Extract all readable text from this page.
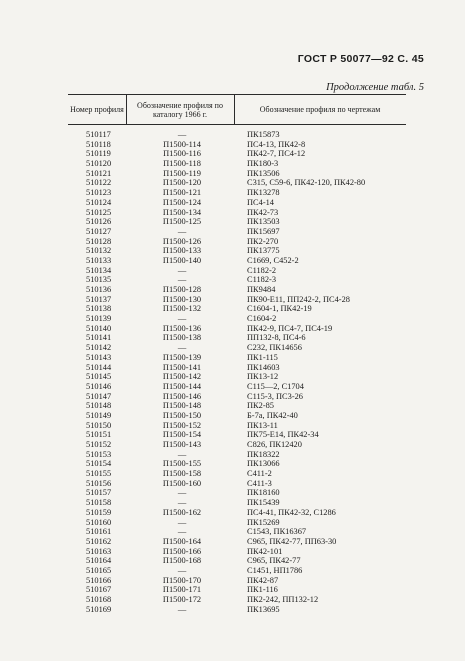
ГОСТ Р 50077—92 С. 45
Продолжение табл. 5
Номер профиля	Обозначение профиля по каталогу 1966 г.	Обозначение профиля по чертежам
510117	—	ПК15873
510118	П1500-114	ПС4-13, ПК42-8
510119	П1500-116	ПК42-7, ПС4-12
510120	П1500-118	ПК180-3
510121	П1500-119	ПК13506
510122	П1500-120	С315, С59-6, ПК42-120, ПК42-80
510123	П1500-121	ПК13278
510124	П1500-124	ПС4-14
510125	П1500-134	ПК42-73
510126	П1500-125	ПК13503
510127	—	ПК15697
510128	П1500-126	ПК2-270
510132	П1500-133	ПК13775
510133	П1500-140	С1669, С452-2
510134	—	С1182-2
510135	—	С1182-3
510136	П1500-128	ПК9484
510137	П1500-130	ПК90-Е11, ПП242-2, ПС4-28
510138	П1500-132	С1604-1, ПК42-19
510139	—	С1604-2
510140	П1500-136	ПК42-9, ПС4-7, ПС4-19
510141	П1500-138	ПП132-8, ПС4-6
510142	—	С232, ПК14656
510143	П1500-139	ПК1-115
510144	П1500-141	ПК14603
510145	П1500-142	ПК13-12
510146	П1500-144	С115—2, С1704
510147	П1500-146	С115-3, ПС3-26
510148	П1500-148	ПК2-85
510149	П1500-150	Б-7а, ПК42-40
510150	П1500-152	ПК13-11
510151	П1500-154	ПК75-Е14, ПК42-34
510152	П1500-143	С826, ПК12420
510153	—	ПК18322
510154	П1500-155	ПК13066
510155	П1500-158	С411-2
510156	П1500-160	С411-3
510157	—	ПК18160
510158	—	ПК15439
510159	П1500-162	ПС4-41, ПК42-32, С1286
510160	—	ПК15269
510161	—	С1543, ПК16367
510162	П1500-164	С965, ПК42-77, ПП63-30
510163	П1500-166	ПК42-101
510164	П1500-168	С965, ПК42-77
510165	—	С1451, НП1786
510166	П1500-170	ПК42-87
510167	П1500-171	ПК1-116
510168	П1500-172	ПК2-242, ПП132-12
510169	—	ПК13695
